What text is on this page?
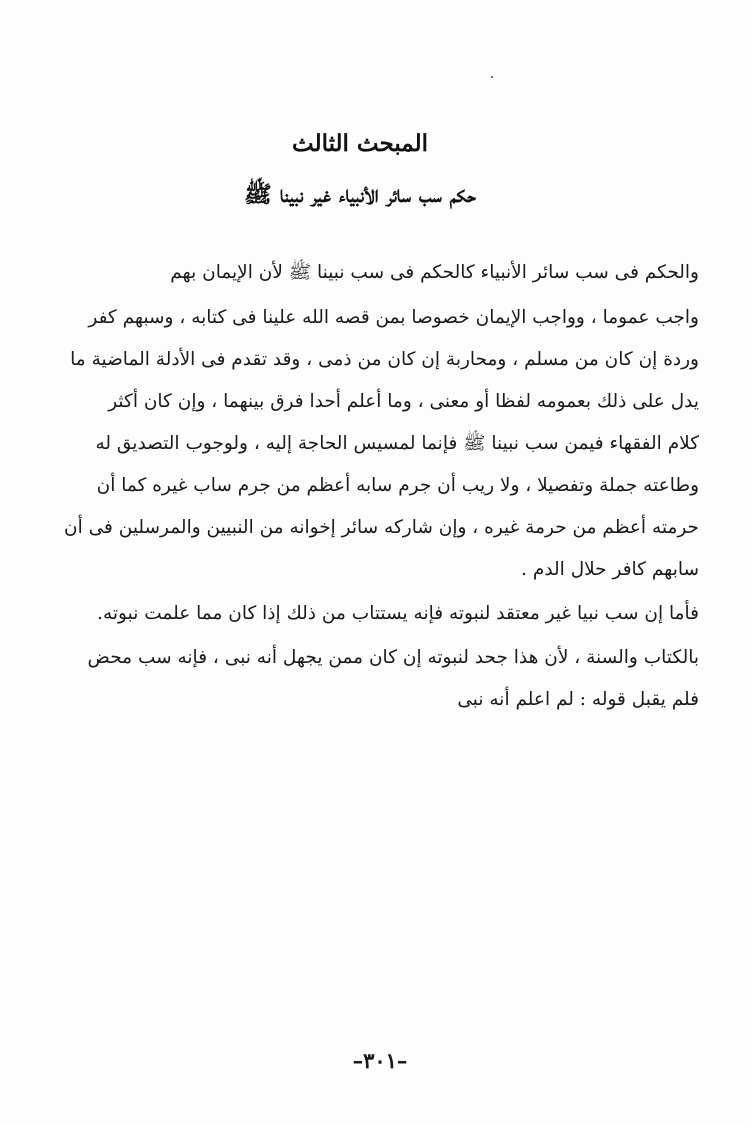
المبحث الثالث
حكم سب سائر الأنبياء غير نبينا ﷺ
والحكم فى سب سائر الأنبياء كالحكم فى سب نبينا ﷺ لأن الإيمان بهم
واجب عموما ، وواجب الإيمان خصوصا بمن قصه الله علينا فى كتابه ، وسبهم كفر
وردة إن كان من مسلم ، ومحاربة إن كان من ذمى ، وقد تقدم فى الأدلة الماضية ما
يدل على ذلك بعمومه لفظا أو معنى ، وما أعلم أحدا فرق بينهما ، وإن كان أكثر
كلام الفقهاء فيمن سب نبينا ﷺ فإنما لمسيس الحاجة إليه ، ولوجوب التصديق له
وطاعته جملة وتفصيلا ، ولا ريب أن جرم سابه أعظم من جرم ساب غيره كما أن
حرمته أعظم من حرمة غيره ، وإن شاركه سائر إخوانه من النبيين والمرسلين فى أن
سابهم كافر حلال الدم .
فأما إن سب نبيا غير معتقد لنبوته فإنه يستتاب من ذلك إذا كان مما علمت نبوته.
بالكتاب والسنة ، لأن هذا جحد لنبوته إن كان ممن يجهل أنه نبى ، فإنه سب محض
فلم يقبل قوله : لم اعلم أنه نبى
–٣٠١–
